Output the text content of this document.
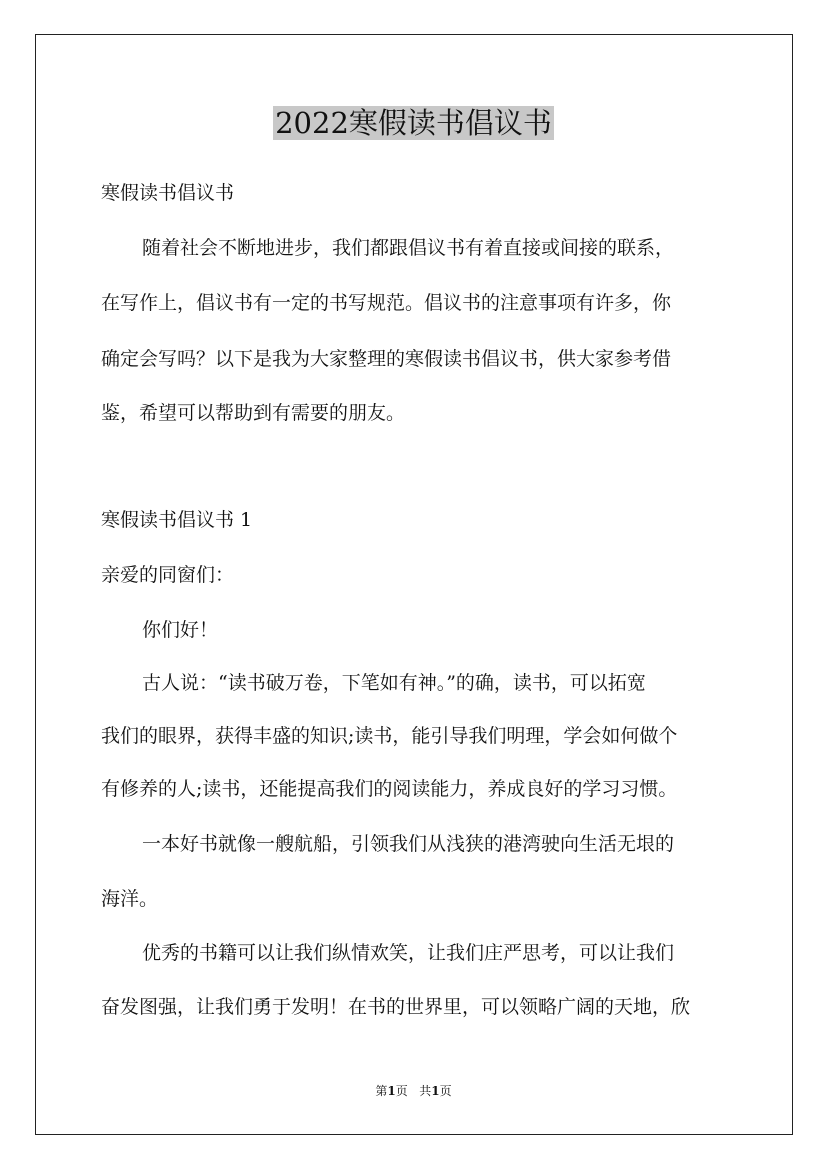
2022寒假读书倡议书
寒假读书倡议书
随着社会不断地进步，我们都跟倡议书有着直接或间接的联系，
在写作上，倡议书有一定的书写规范。倡议书的注意事项有许多，你
确定会写吗？以下是我为大家整理的寒假读书倡议书，供大家参考借
鉴，希望可以帮助到有需要的朋友。
寒假读书倡议书 1
亲爱的同窗们：
你们好！
古人说：“读书破万卷，下笔如有神。”的确，读书，可以拓宽
我们的眼界，获得丰盛的知识;读书，能引导我们明理，学会如何做个
有修养的人;读书，还能提高我们的阅读能力，养成良好的学习习惯。
一本好书就像一艘航船，引领我们从浅狭的港湾驶向生活无垠的
海洋。
优秀的书籍可以让我们纵情欢笑，让我们庄严思考，可以让我们
奋发图强，让我们勇于发明！在书的世界里，可以领略广阔的天地，欣
第1页 共1页
